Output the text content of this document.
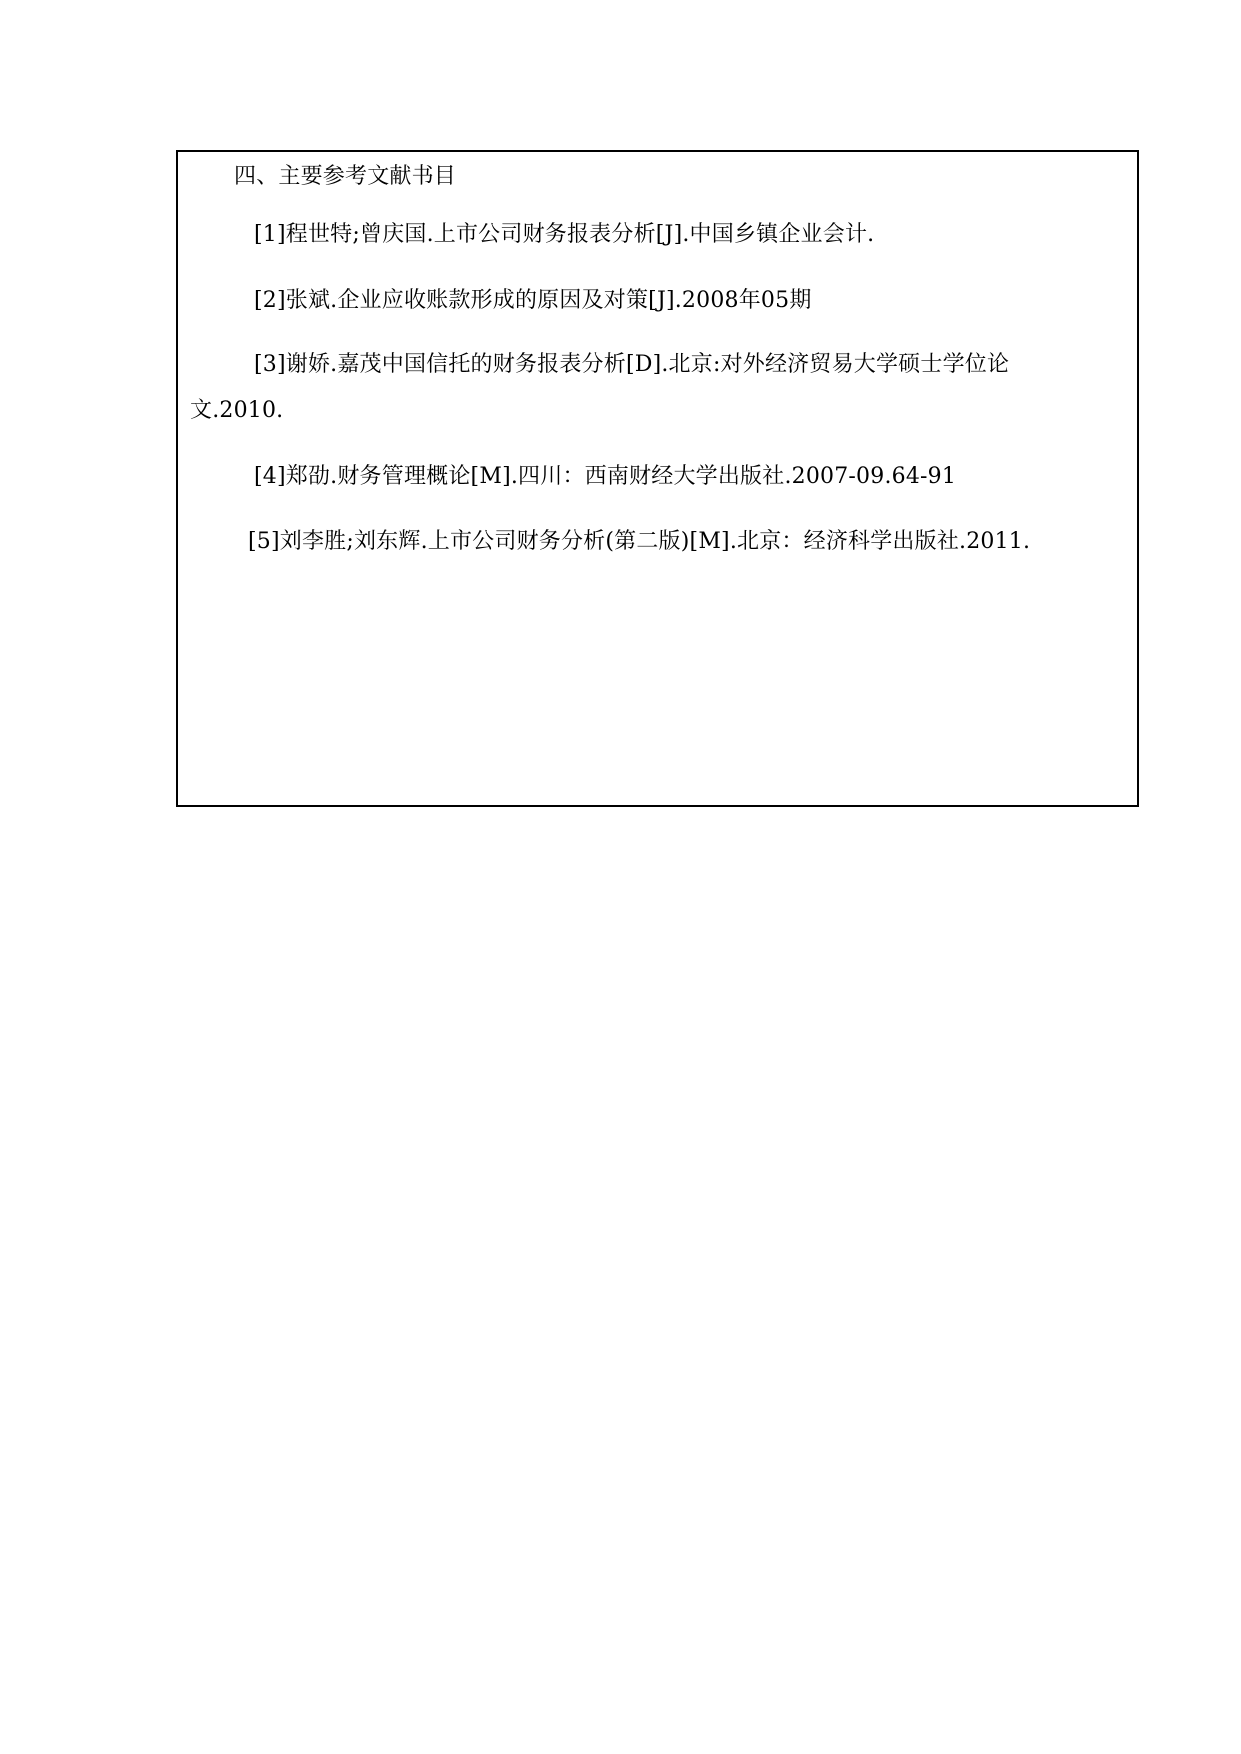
四、主要参考文献书目
[1]程世特;曾庆国.上市公司财务报表分析[J].中国乡镇企业会计.
[2]张斌.企业应收账款形成的原因及对策[J].2008年05期
[3]谢娇.嘉茂中国信托的财务报表分析[D].北京:对外经济贸易大学硕士学位论
文.2010.
[4]郑劭.财务管理概论[M].四川：西南财经大学出版社.2007-09.64-91
[5]刘李胜;刘东辉.上市公司财务分析(第二版)[M].北京：经济科学出版社.2011.
